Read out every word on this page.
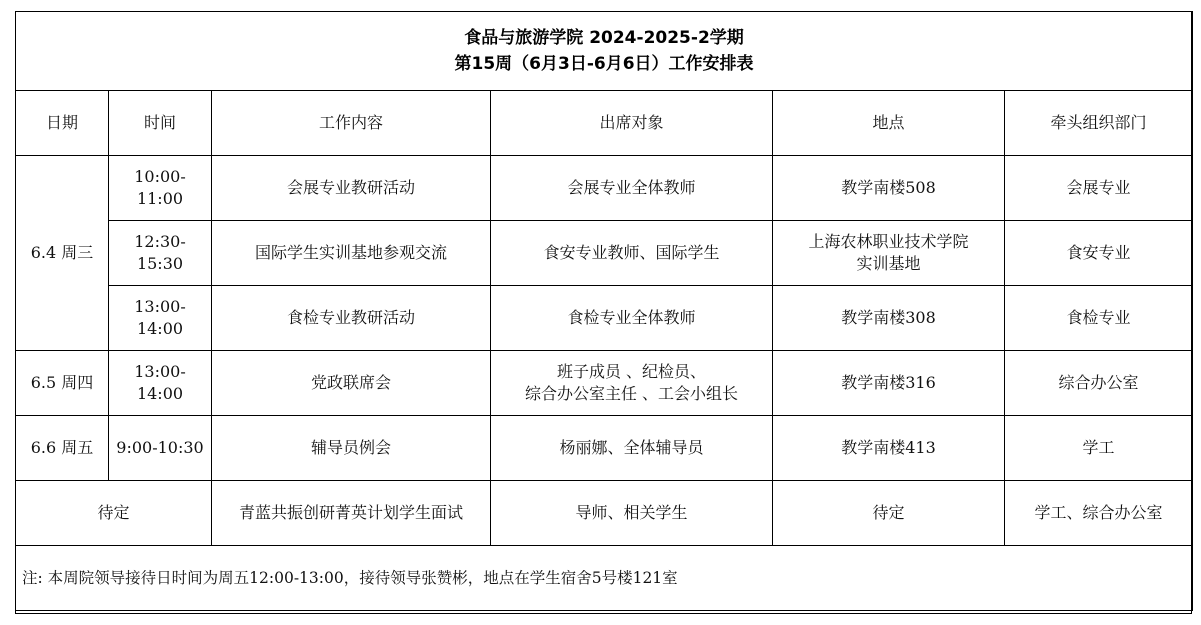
食品与旅游学院 2024-2025-2学期
第15周（6月3日-6月6日）工作安排表					

日期	时间	工作内容	出席对象	地点	牵头组织部门
6.4 周三	10:00-11:00	会展专业教研活动	会展专业全体教师	教学南楼508	会展专业
	12:30-15:30	国际学生实训基地参观交流	食安专业教师、国际学生	上海农林职业技术学院
实训基地	食安专业
	13:00-14:00	食检专业教研活动	食检专业全体教师	教学南楼308	食检专业
6.5 周四	13:00-14:00	党政联席会	班子成员 、纪检员、
综合办公室主任 、工会小组长	教学南楼316	综合办公室
6.6 周五	9:00-10:30	辅导员例会	杨丽娜、全体辅导员	教学南楼413	学工
待定		青蓝共振创研菁英计划学生面试	导师、相关学生	待定	学工、综合办公室
注: 本周院领导接待日时间为周五12:00-13:00，接待领导张赞彬，地点在学生宿舍5号楼121室					
